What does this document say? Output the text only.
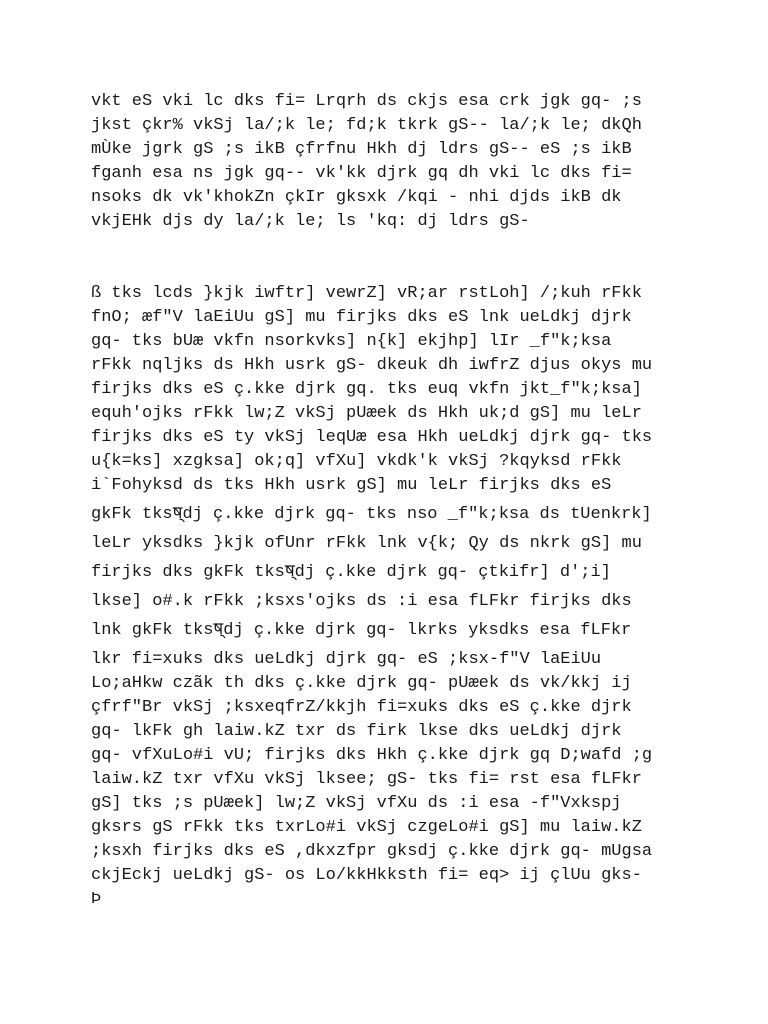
vkt eS vki lc dks fi= Lrqrh ds ckjs esa crk jgk gq- ;s

jkst çkr% vkSj la/;k le; fd;k tkrk gS-- la/;k le; dkQh

mÙke jgrk gS ;s ikB çfrfnu Hkh dj ldrs gS-- eS ;s ikB

fganh esa ns jgk gq-- vk'kk djrk gq dh vki lc dks fi=

nsoks dk vk'khokZn çkIr gksxk /kqi - nhi djds ikB dk

vkjEHk djs dy la/;k le; ls 'kq: dj ldrs gS-

ß tks lcds }kjk iwftr] vewrZ] vR;ar rstLoh] /;kuh rFkk

fnO; æf"V laEiUu gS] mu firjks dks eS lnk ueLdkj djrk

gq- tks bUæ vkfn nsorkvks] n{k] ekjhp] lIr _f"k;ksa

rFkk nqljks ds Hkh usrk gS- dkeuk dh iwfrZ djus okys mu

firjks dks eS ç.kke djrk gq. tks euq vkfn jkt_f"k;ksa]

equh'ojks rFkk lw;Z vkSj pUæek ds Hkh uk;d gS] mu leLr

firjks dks eS ty vkSj leqUæ esa Hkh ueLdkj djrk gq- tks

u{k=ks] xzgksa] ok;q] vfXu] vkdk'k vkSj ?kqyksd rFkk

i`Fohyksd ds tks Hkh usrk gS] mu leLr firjks dks eS

gkFk tksष्dj ç.kke djrk gq- tks nso _f"k;ksa ds tUenkrk]

leLr yksdks }kjk ofUnr rFkk lnk v{k; Qy ds nkrk gS] mu

firjks dks gkFk tksष्dj ç.kke djrk gq- çtkifr] d';i]

lkse] o#.k rFkk ;ksxs'ojks ds :i esa fLFkr firjks dks

lnk gkFk tksष्dj ç.kke djrk gq- lkrks yksdks esa fLFkr

lkr fi=xuks dks ueLdkj djrk gq- eS ;ksx-f"V laEiUu

Lo;aHkw czãk th dks ç.kke djrk gq- pUæek ds vk/kkj ij

çfrf"Br vkSj ;ksxeqfrZ/kkjh fi=xuks dks eS ç.kke djrk

gq- lkFk gh laiw.kZ txr ds firk lkse dks ueLdkj djrk

gq- vfXuLo#i vU; firjks dks Hkh ç.kke djrk gq D;wafd ;g

laiw.kZ txr vfXu vkSj lksee; gS- tks fi= rst esa fLFkr

gS] tks ;s pUæek] lw;Z vkSj vfXu ds :i esa -f"Vxkspj

gksrs gS rFkk tks txrLo#i vkSj czgeLo#i gS] mu laiw.kZ

;ksxh firjks dks eS ,dkxzfpr gksdj ç.kke djrk gq- mUgsa

ckjEckj ueLdkj gS- os Lo/kkHkksth fi= eq> ij çlUu gks-

Þ
